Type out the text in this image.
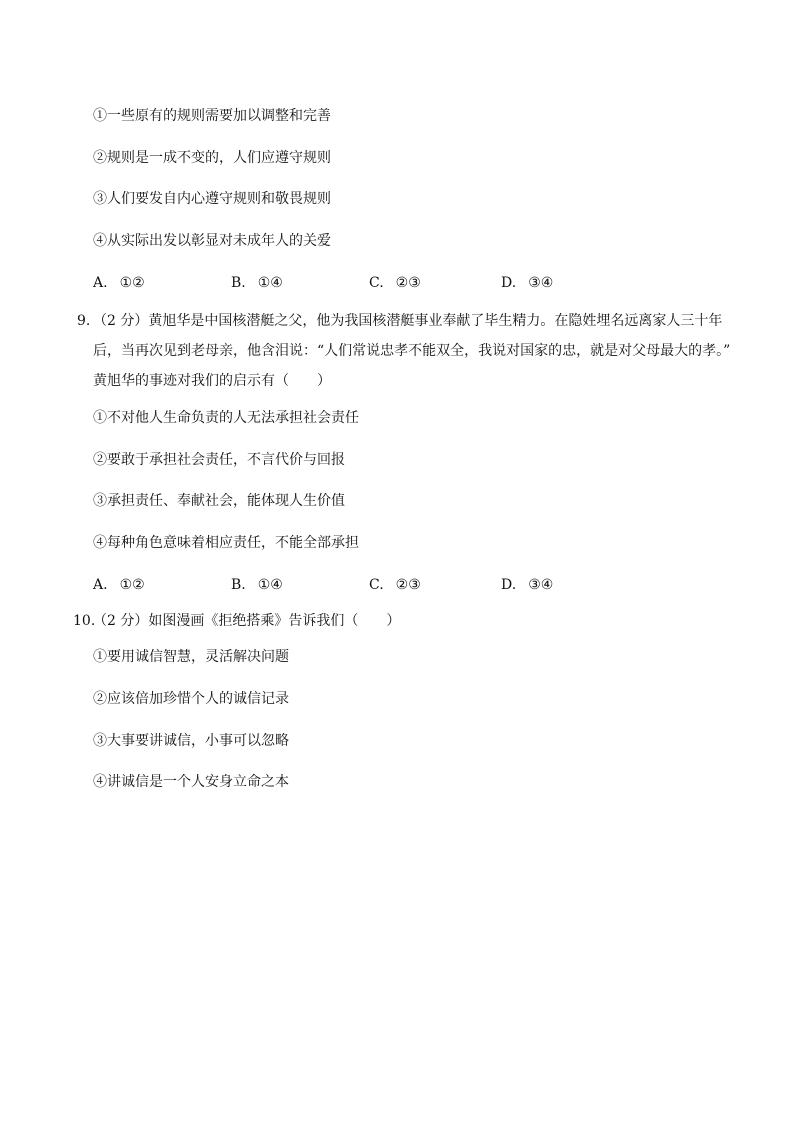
①一些原有的规则需要加以调整和完善
②规则是一成不变的，人们应遵守规则
③人们要发自内心遵守规则和敬畏规则
④从实际出发以彰显对未成年人的关爱
A. ①②	B. ①④	C. ②③	D. ③④
9. （2 分）黄旭华是中国核潜艇之父，他为我国核潜艇事业奉献了毕生精力。在隐姓埋名远离家人三十年
后，当再次见到老母亲，他含泪说：“人们常说忠孝不能双全，我说对国家的忠，就是对父母最大的孝。”
黄旭华的事迹对我们的启示有（　　）
①不对他人生命负责的人无法承担社会责任
②要敢于承担社会责任，不言代价与回报
③承担责任、奉献社会，能体现人生价值
④每种角色意味着相应责任，不能全部承担
A. ①②	B. ①④	C. ②③	D. ③④
10.
（2 分）如图漫画《拒绝搭乘》告诉我们（　　）
①要用诚信智慧，灵活解决问题
②应该倍加珍惜个人的诚信记录
③大事要讲诚信，小事可以忽略
④讲诚信是一个人安身立命之本
